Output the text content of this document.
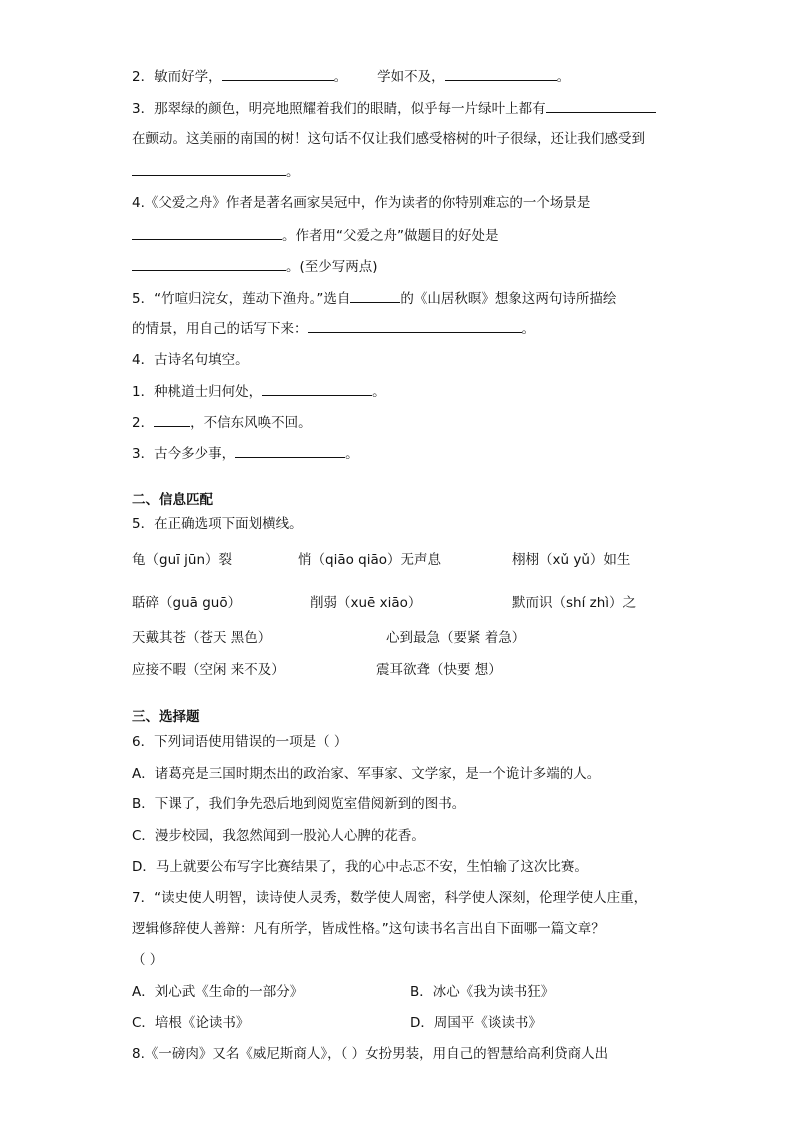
2．敏而好学，	。 学如不及，	。
3．那翠绿的颜色，明亮地照耀着我们的眼睛，似乎每一片绿叶上都有
在颤动。这美丽的南国的树！这句话不仅让我们感受榕树的叶子很绿，还让我们感受到
。
4.《父爱之舟》作者是著名画家吴冠中，作为读者的你特别难忘的一个场景是
。作者用“父爱之舟”做题目的好处是
。(至少写两点)
5．“竹喧归浣女，莲动下渔舟。”选自	的《山居秋暝》想象这两句诗所描绘
的情景，用自己的话写下来：	。
4．古诗名句填空。
1．种桃道士归何处，	。
2．	，不信东风唤不回。
3．古今多少事，	。
二、信息匹配
5．在正确选项下面划横线。
龟（guī jūn）裂	悄（qiāo qiāo）无声息	栩栩（xǔ yǔ）如生
聒碎（guā guō）	削弱（xuē xiāo）	默而识（shí zhì）之
天戴其苍（苍天 黑色）	心到最急（要紧 着急）
应接不暇（空闲 来不及）	震耳欲聋（快要 想）
三、选择题
6．下列词语使用错误的一项是（ ）
A．诸葛亮是三国时期杰出的政治家、军事家、文学家，是一个诡计多端的人。
B．下课了，我们争先恐后地到阅览室借阅新到的图书。
C．漫步校园，我忽然闻到一股沁人心脾的花香。
D．马上就要公布写字比赛结果了，我的心中忐忑不安，生怕输了这次比赛。
7．“读史使人明智，读诗使人灵秀，数学使人周密，科学使人深刻，伦理学使人庄重，
逻辑修辞使人善辩：凡有所学，皆成性格。”这句读书名言出自下面哪一篇文章？
（ ）
A．刘心武《生命的一部分》	B．冰心《我为读书狂》
C．培根《论读书》	D．周国平《谈读书》
8.《一磅肉》又名《威尼斯商人》，（ ）女扮男装，用自己的智慧给高利贷商人出
